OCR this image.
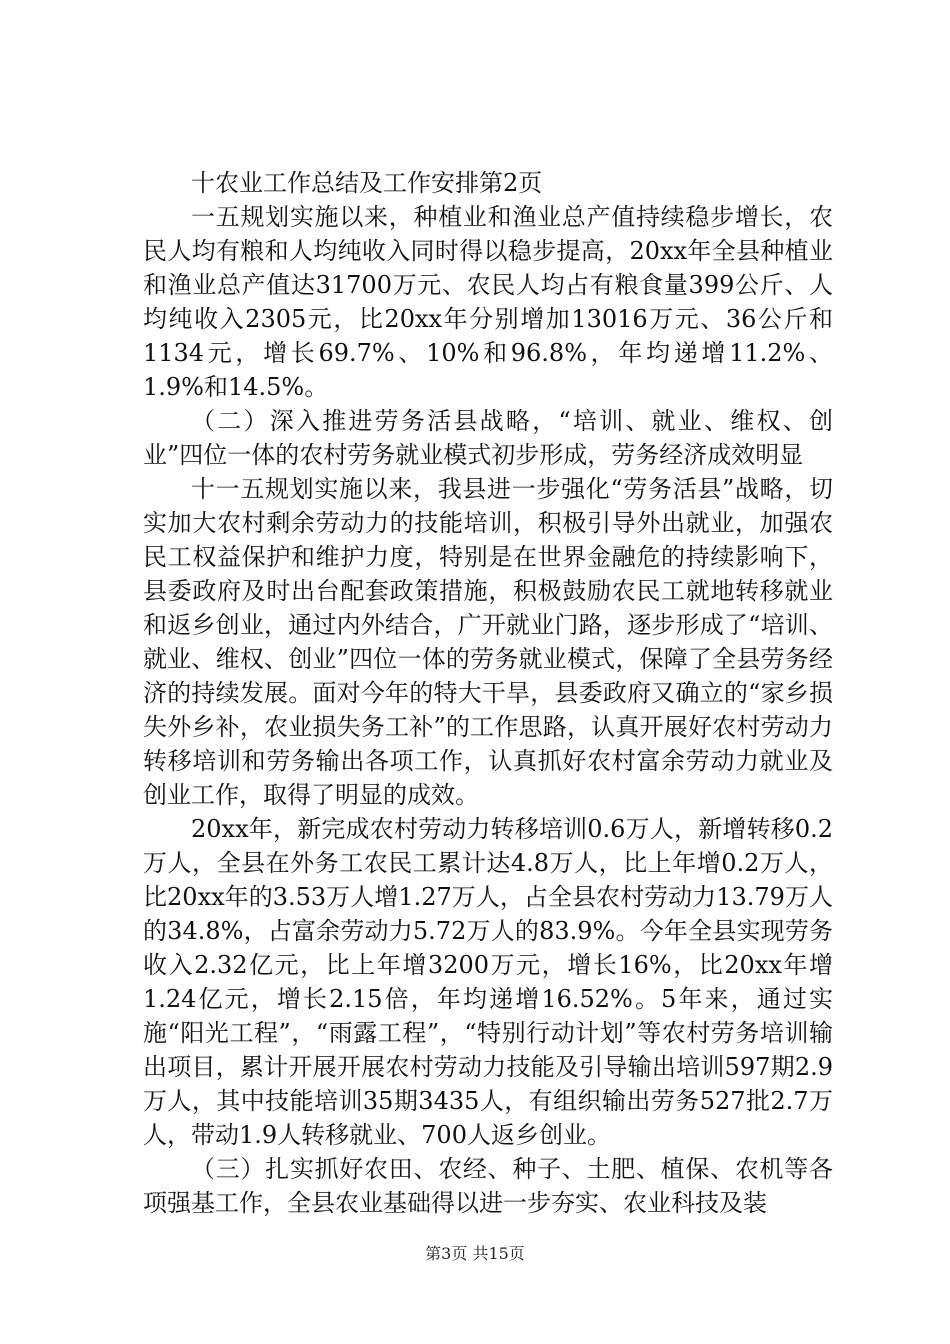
十农业工作总结及工作安排第2页

一五规划实施以来，种植业和渔业总产值持续稳步增长，农民人均有粮和人均纯收入同时得以稳步提高，20xx年全县种植业和渔业总产值达31700万元、农民人均占有粮食量399公斤、人均纯收入2305元，比20xx年分别增加13016万元、36公斤和1134元，增长69.7%、10%和96.8%，年均递增11.2%、1.9%和14.5%。

（二）深入推进劳务活县战略，“培训、就业、维权、创业”四位一体的农村劳务就业模式初步形成，劳务经济成效明显

十一五规划实施以来，我县进一步强化“劳务活县”战略，切实加大农村剩余劳动力的技能培训，积极引导外出就业，加强农民工权益保护和维护力度，特别是在世界金融危的持续影响下，县委政府及时出台配套政策措施，积极鼓励农民工就地转移就业和返乡创业，通过内外结合，广开就业门路，逐步形成了“培训、就业、维权、创业”四位一体的劳务就业模式，保障了全县劳务经济的持续发展。面对今年的特大干旱，县委政府又确立的“家乡损失外乡补，农业损失务工补”的工作思路，认真开展好农村劳动力转移培训和劳务输出各项工作，认真抓好农村富余劳动力就业及创业工作，取得了明显的成效。

20xx年，新完成农村劳动力转移培训0.6万人，新增转移0.2万人，全县在外务工农民工累计达4.8万人，比上年增0.2万人，比20xx年的3.53万人增1.27万人，占全县农村劳动力13.79万人的34.8%，占富余劳动力5.72万人的83.9%。今年全县实现劳务收入2.32亿元，比上年增3200万元，增长16%，比20xx年增1.24亿元，增长2.15倍，年均递增16.52%。5年来，通过实施“阳光工程”，“雨露工程”，“特别行动计划”等农村劳务培训输出项目，累计开展开展农村劳动力技能及引导输出培训597期2.9万人，其中技能培训35期3435人，有组织输出劳务527批2.7万人，带动1.9人转移就业、700人返乡创业。

（三）扎实抓好农田、农经、种子、土肥、植保、农机等各项强基工作，全县农业基础得以进一步夯实、农业科技及装

第3页 共15页
